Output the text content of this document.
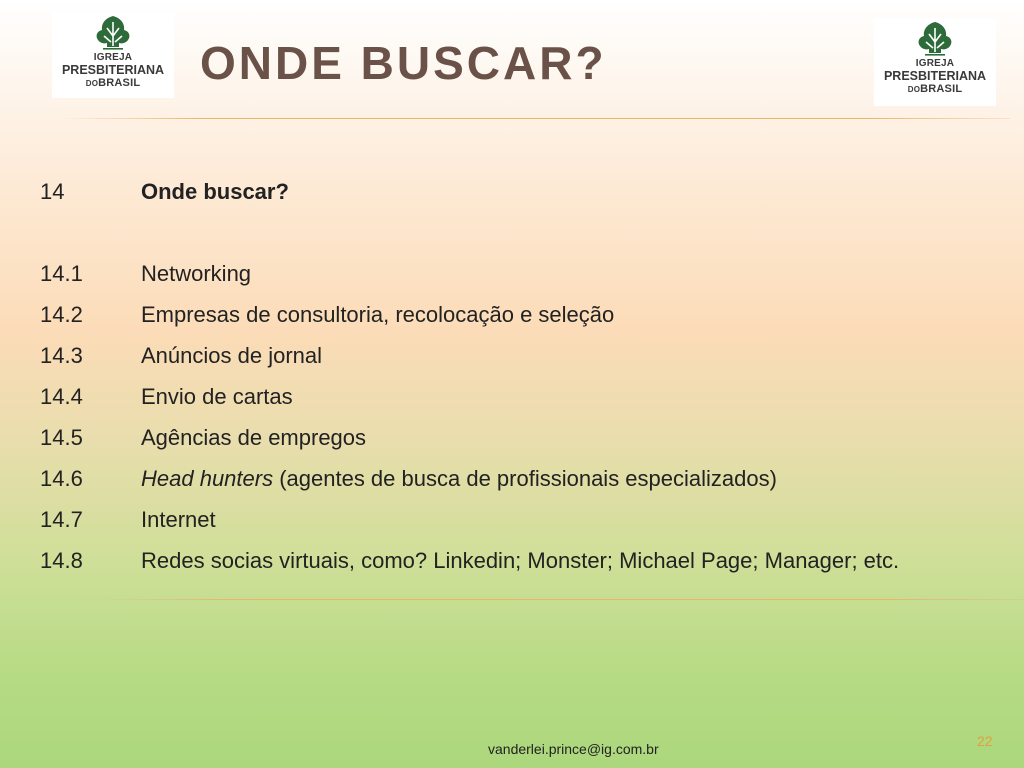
IGREJA
PRESBITERIANA
DOBRASIL
IGREJA
PRESBITERIANA
DOBRASIL
ONDE BUSCAR?
14	Onde buscar?
14.1	Networking
14.2	Empresas de consultoria, recolocação e seleção
14.3	Anúncios de jornal
14.4	Envio de cartas
14.5	Agências de empregos
14.6	Head hunters (agentes de busca de profissionais especializados)
14.7	Internet
14.8	Redes socias virtuais, como? Linkedin; Monster; Michael Page; Manager; etc.
vanderlei.prince@ig.com.br	22
